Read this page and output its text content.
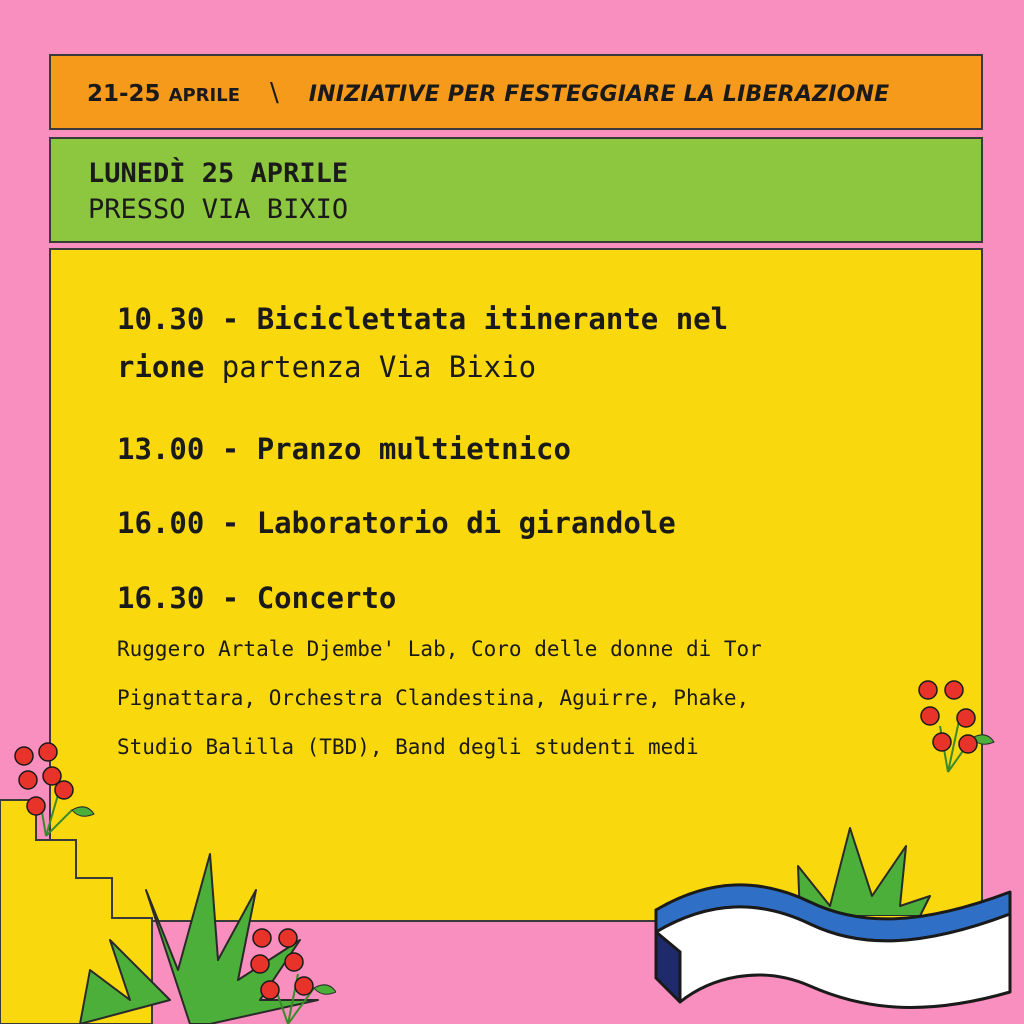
21-25 APRILE \ INIZIATIVE PER FESTEGGIARE LA LIBERAZIONE
LUNEDÌ 25 APRILE
PRESSO VIA BIXIO
10.30 - Biciclettata itinerante nel
rione partenza Via Bixio
13.00 - Pranzo multietnico
16.00 - Laboratorio di girandole
16.30 - Concerto
Ruggero Artale Djembe' Lab, Coro delle donne di Tor
Pignattara, Orchestra Clandestina, Aguirre, Phake,
Studio Balilla (TBD), Band degli studenti medi
